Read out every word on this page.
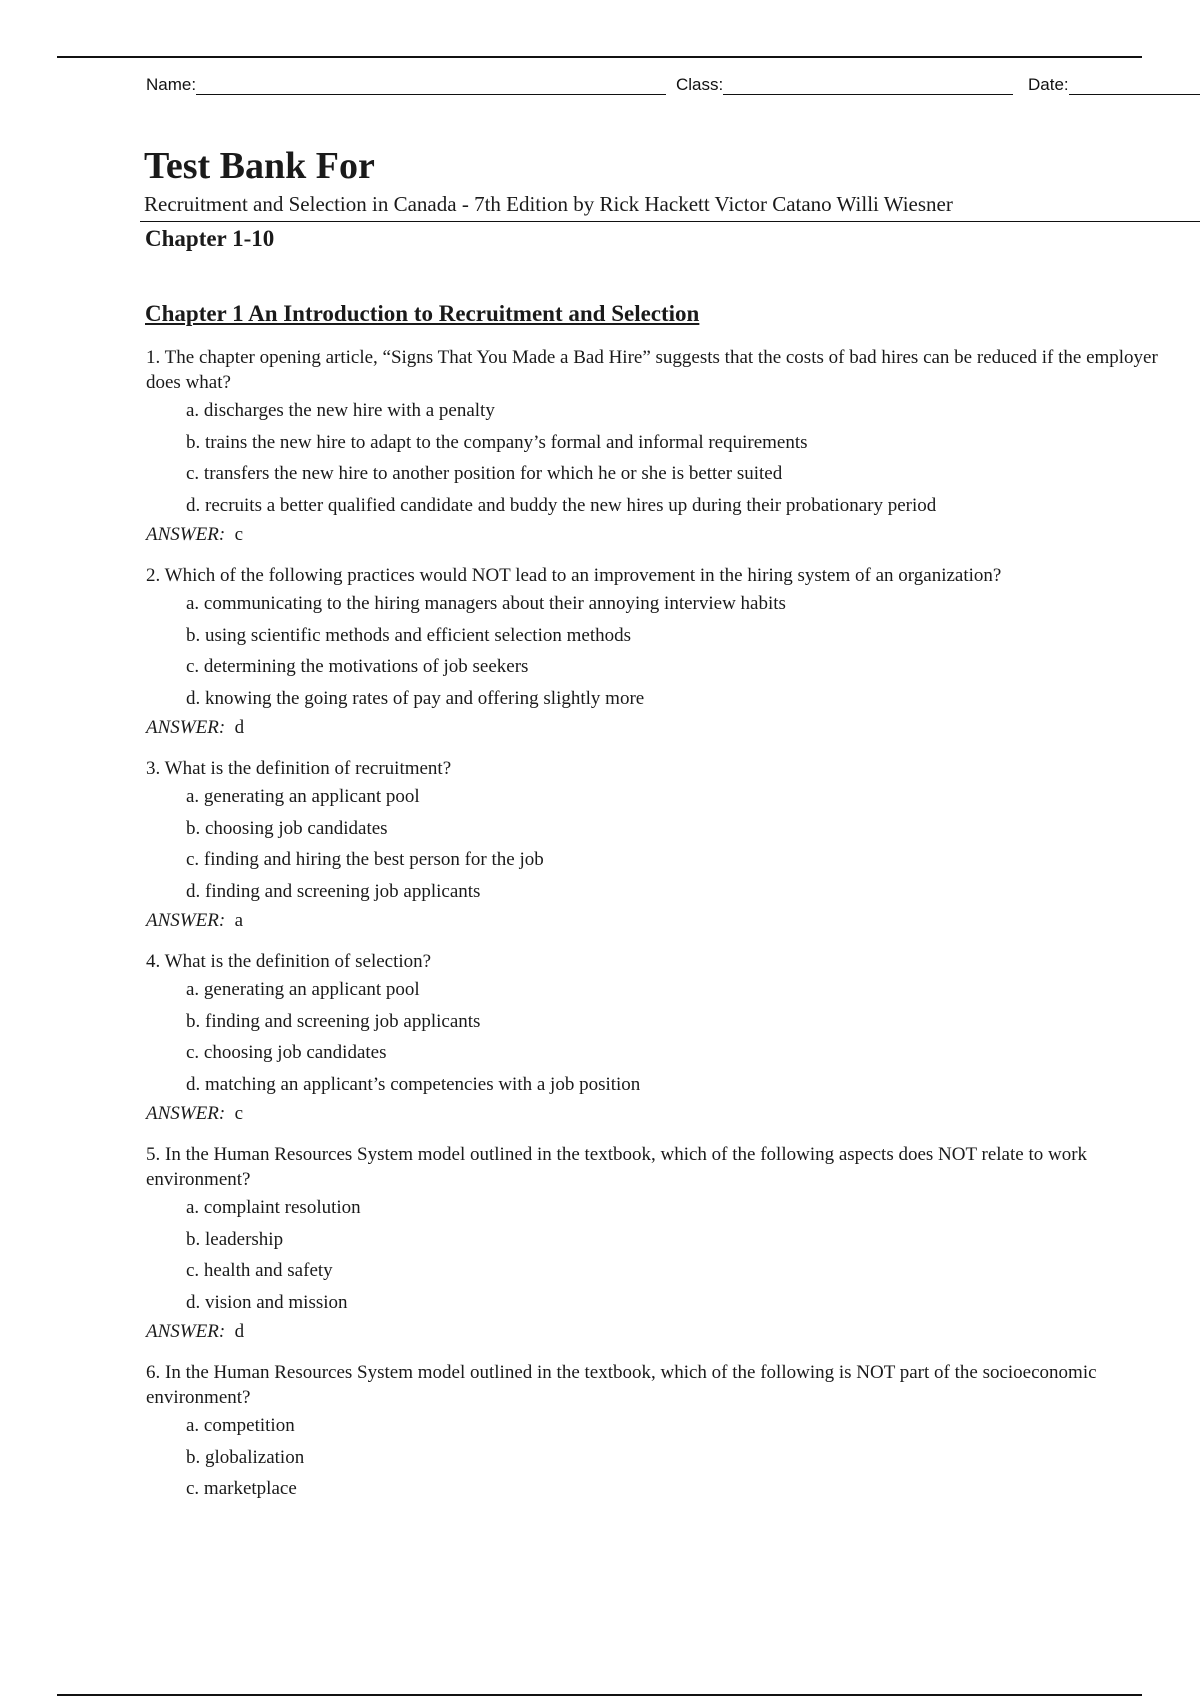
Name:	Class:	Date:
Test Bank For

Recruitment and Selection in Canada - 7th Edition by Rick Hackett Victor Catano Willi Wiesner

Chapter 1-10

Chapter 1 An Introduction to Recruitment and Selection

1. The chapter opening article, “Signs That You Made a Bad Hire” suggests that the costs of bad hires can be reduced if the employer does what?

a. discharges the new hire with a penalty
b. trains the new hire to adapt to the company’s formal and informal requirements
c. transfers the new hire to another position for which he or she is better suited
d. recruits a better qualified candidate and buddy the new hires up during their probationary period

ANSWER: c

2. Which of the following practices would NOT lead to an improvement in the hiring system of an organization?

a. communicating to the hiring managers about their annoying interview habits
b. using scientific methods and efficient selection methods
c. determining the motivations of job seekers
d. knowing the going rates of pay and offering slightly more

ANSWER: d

3. What is the definition of recruitment?

a. generating an applicant pool
b. choosing job candidates
c. finding and hiring the best person for the job
d. finding and screening job applicants

ANSWER: a

4. What is the definition of selection?

a. generating an applicant pool
b. finding and screening job applicants
c. choosing job candidates
d. matching an applicant’s competencies with a job position

ANSWER: c

5. In the Human Resources System model outlined in the textbook, which of the following aspects does NOT relate to work environment?

a. complaint resolution
b. leadership
c. health and safety
d. vision and mission

ANSWER: d

6. In the Human Resources System model outlined in the textbook, which of the following is NOT part of the socioeconomic environment?

a. competition
b. globalization
c. marketplace
